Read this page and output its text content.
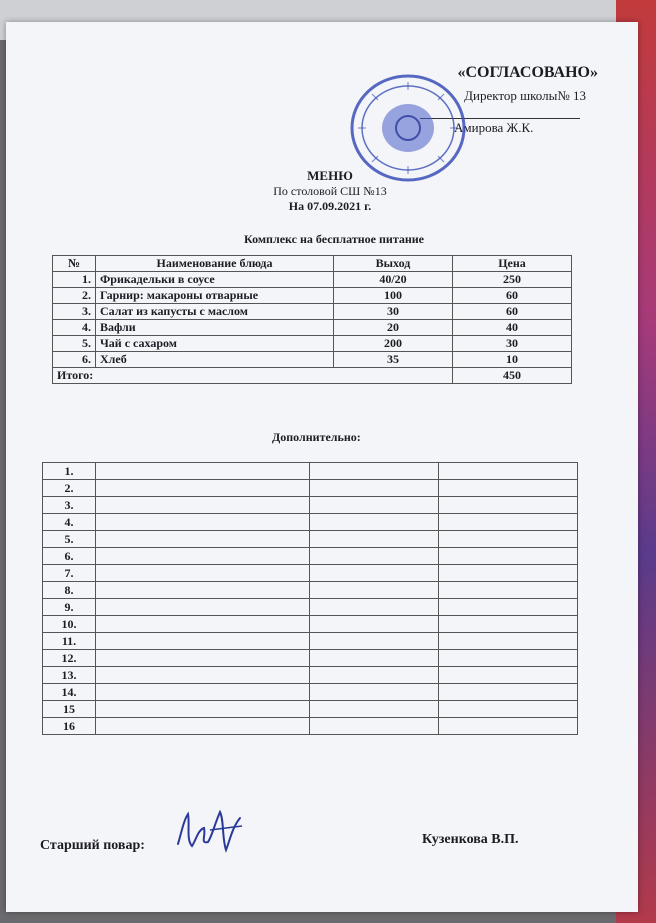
«СОГЛАСОВАНО»
Директор школы№ 13
Амирова Ж.К.
МЕНЮ
По столовой СШ №13
На 07.09.2021 г.
Комплекс на бесплатное питание
№	Наименование блюда	Выход	Цена
1.	Фрикадельки в соусе	40/20	250
2.	Гарнир: макароны отварные	100	60
3.	Салат из капусты с маслом	30	60
4.	Вафли	20	40
5.	Чай с сахаром	200	30
6.	Хлеб	35	10
Итого:			450
Дополнительно:
1.			
2.			
3.			
4.			
5.			
6.			
7.			
8.			
9.			
10.			
11.			
12.			
13.			
14.			
15			
16			
Старший повар:	Кузенкова В.П.
